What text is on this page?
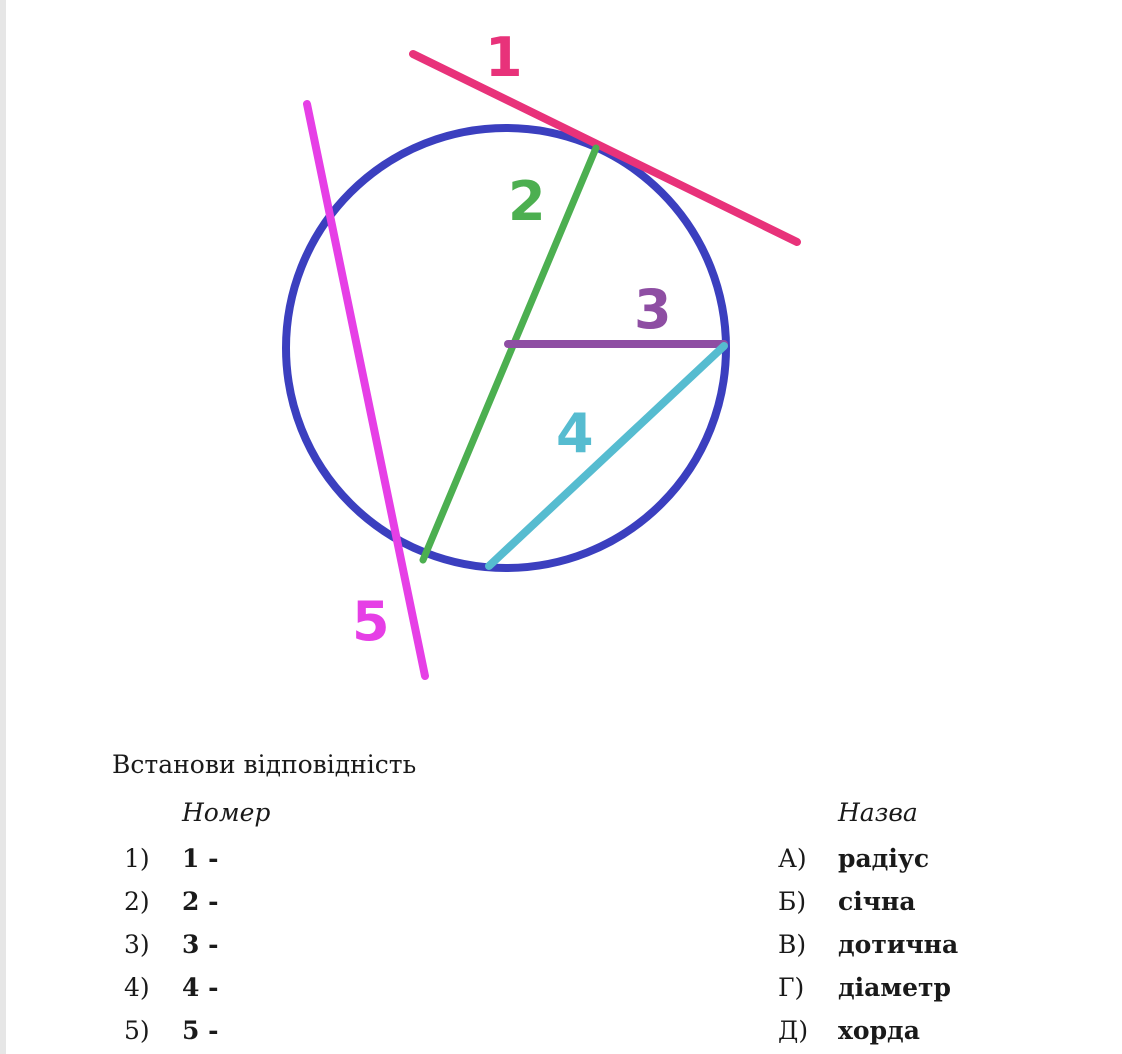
1
2
3
4
5
Встанови відповідність
Номер	Назва
1) 1 -
2) 2 -
3) 3 -
4) 4 -
5) 5 -
А) радіус
Б) січна
В) дотична
Г) діаметр
Д) хорда
